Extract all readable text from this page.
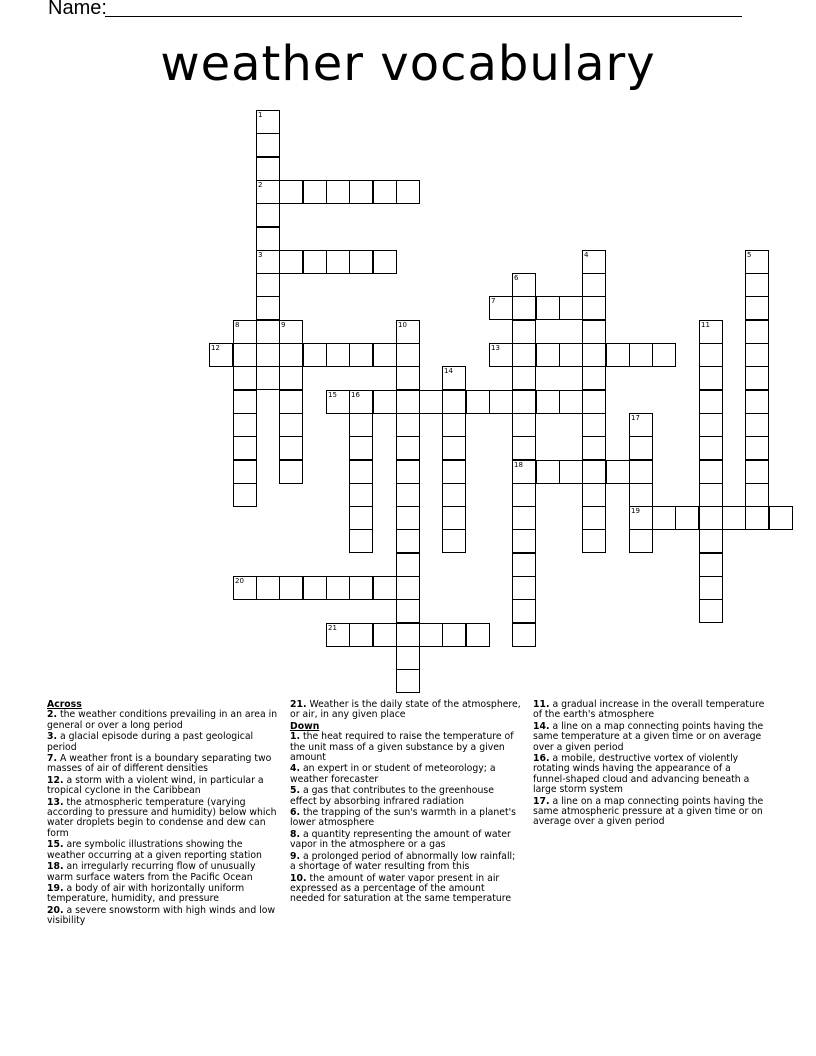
Name:
weather vocabulary
1
2
3	4	5
6
18
7
8	9	10	11
12	13
14
15 16
17
19
20
21
Across
2. the weather conditions prevailing in an area in general or over a long period
3. a glacial episode during a past geological period
7. A weather front is a boundary separating two masses of air of different densities
12. a storm with a violent wind, in particular a tropical cyclone in the Caribbean
13. the atmospheric temperature (varying according to pressure and humidity) below which water droplets begin to condense and dew can form
15. are symbolic illustrations showing the weather occurring at a given reporting station
18. an irregularly recurring flow of unusually warm surface waters from the Pacific Ocean
19. a body of air with horizontally uniform temperature, humidity, and pressure
20. a severe snowstorm with high winds and low visibility
21. Weather is the daily state of the atmosphere, or air, in any given place
Down
1. the heat required to raise the temperature of the unit mass of a given substance by a given amount
4. an expert in or student of meteorology; a weather forecaster
5. a gas that contributes to the greenhouse effect by absorbing infrared radiation
6. the trapping of the sun's warmth in a planet's lower atmosphere
8. a quantity representing the amount of water vapor in the atmosphere or a gas
9. a prolonged period of abnormally low rainfall; a shortage of water resulting from this
10. the amount of water vapor present in air expressed as a percentage of the amount needed for saturation at the same temperature
11. a gradual increase in the overall temperature of the earth's atmosphere
14. a line on a map connecting points having the same temperature at a given time or on average over a given period
16. a mobile, destructive vortex of violently rotating winds having the appearance of a funnel-shaped cloud and advancing beneath a large storm system
17. a line on a map connecting points having the same atmospheric pressure at a given time or on average over a given period
